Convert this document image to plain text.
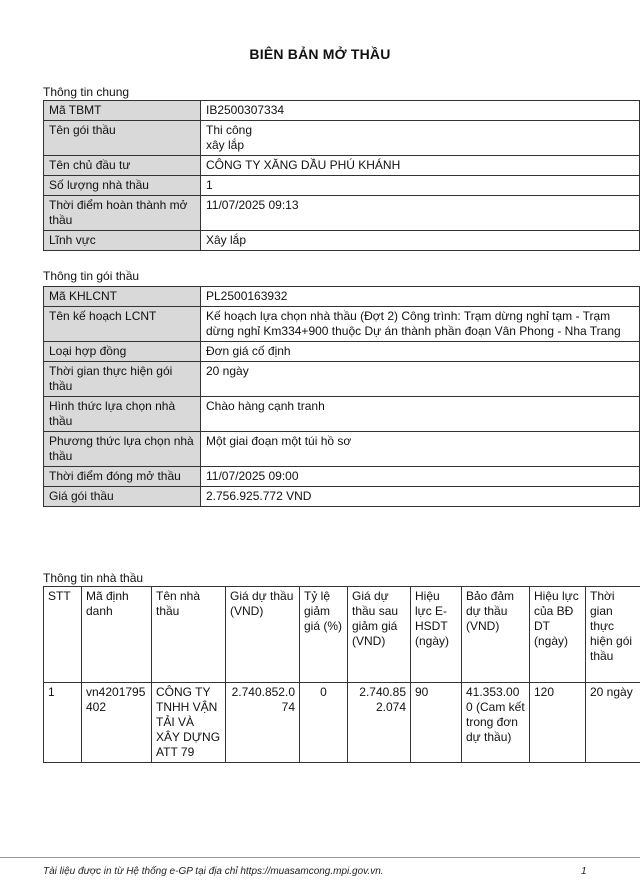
BIÊN BẢN MỞ THẦU
Thông tin chung
Mã TBMT	IB2500307334
Tên gói thầu	Thi công
xây lắp
Tên chủ đầu tư	CÔNG TY XĂNG DẦU PHÚ KHÁNH
Số lượng nhà thầu	1
Thời điểm hoàn thành mở thầu	11/07/2025 09:13
Lĩnh vực	Xây lắp
Thông tin gói thầu
Mã KHLCNT	PL2500163932
Tên kế hoạch LCNT	Kế hoạch lựa chọn nhà thầu (Đợt 2) Công trình: Trạm dừng nghỉ tạm - Trạm dừng nghỉ Km334+900 thuộc Dự án thành phần đoạn Vân Phong - Nha Trang
Loại hợp đồng	Đơn giá cố định
Thời gian thực hiện gói thầu	20 ngày
Hình thức lựa chọn nhà thầu	Chào hàng cạnh tranh
Phương thức lựa chọn nhà thầu	Một giai đoạn một túi hồ sơ
Thời điểm đóng mở thầu	11/07/2025 09:00
Giá gói thầu	2.756.925.772 VND
Thông tin nhà thầu
STT	Mã định danh	Tên nhà thầu	Giá dự thầu (VND)	Tỷ lệ giảm giá (%)	Giá dự thầu sau giảm giá (VND)	Hiệu lực E-HSDT (ngày)	Bảo đảm dự thầu (VND)	Hiệu lực của BĐ DT (ngày)	Thời gian thực hiện gói thầu
1	vn4201795402	CÔNG TY TNHH VẬN TẢI VÀ XÂY DỰNG ATT 79	2.740.852.074	0	2.740.852.074	90	41.353.000 (Cam kết trong đơn dự thầu)	120	20 ngày
Tài liệu được in từ Hệ thống e-GP tại địa chỉ https://muasamcong.mpi.gov.vn.	1
